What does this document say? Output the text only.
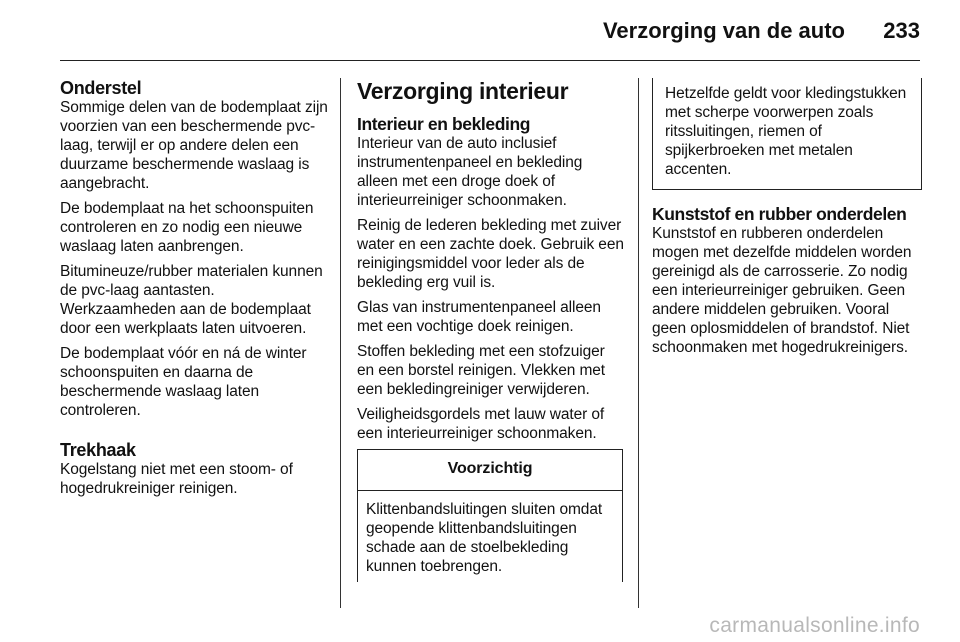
Verzorging van de auto 233
Onderstel

Sommige delen van de bodemplaat zijn voorzien van een beschermende pvc-laag, terwijl er op andere delen een duurzame beschermende waslaag is aangebracht.

De bodemplaat na het schoonspuiten controleren en zo nodig een nieuwe waslaag laten aanbrengen.

Bitumineuze/rubber materialen kunnen de pvc-laag aantasten. Werkzaamheden aan de bodemplaat door een werkplaats laten uitvoeren.

De bodemplaat vóór en ná de winter schoonspuiten en daarna de beschermende waslaag laten controleren.

Trekhaak

Kogelstang niet met een stoom- of hogedrukreiniger reinigen.

Verzorging interieur
Interieur en bekleding

Interieur van de auto inclusief instrumentenpaneel en bekleding alleen met een droge doek of interieurreiniger schoonmaken.

Reinig de lederen bekleding met zuiver water en een zachte doek. Gebruik een reinigingsmiddel voor leder als de bekleding erg vuil is.

Glas van instrumentenpaneel alleen met een vochtige doek reinigen.

Stoffen bekleding met een stofzuiger en een borstel reinigen. Vlekken met een bekledingreiniger verwijderen.

Veiligheidsgordels met lauw water of een interieurreiniger schoonmaken.

Voorzichtig
Klittenbandsluitingen sluiten omdat geopende klittenbandsluitingen schade aan de stoelbekleding kunnen toebrengen.
Hetzelfde geldt voor kledingstukken met scherpe voorwerpen zoals ritssluitingen, riemen of spijkerbroeken met metalen accenten.
Kunststof en rubber onderdelen

Kunststof en rubberen onderdelen mogen met dezelfde middelen worden gereinigd als de carrosserie. Zo nodig een interieurreiniger gebruiken. Geen andere middelen gebruiken. Vooral geen oplosmiddelen of brandstof. Niet schoonmaken met hogedrukreinigers.

carmanualsonline.info
